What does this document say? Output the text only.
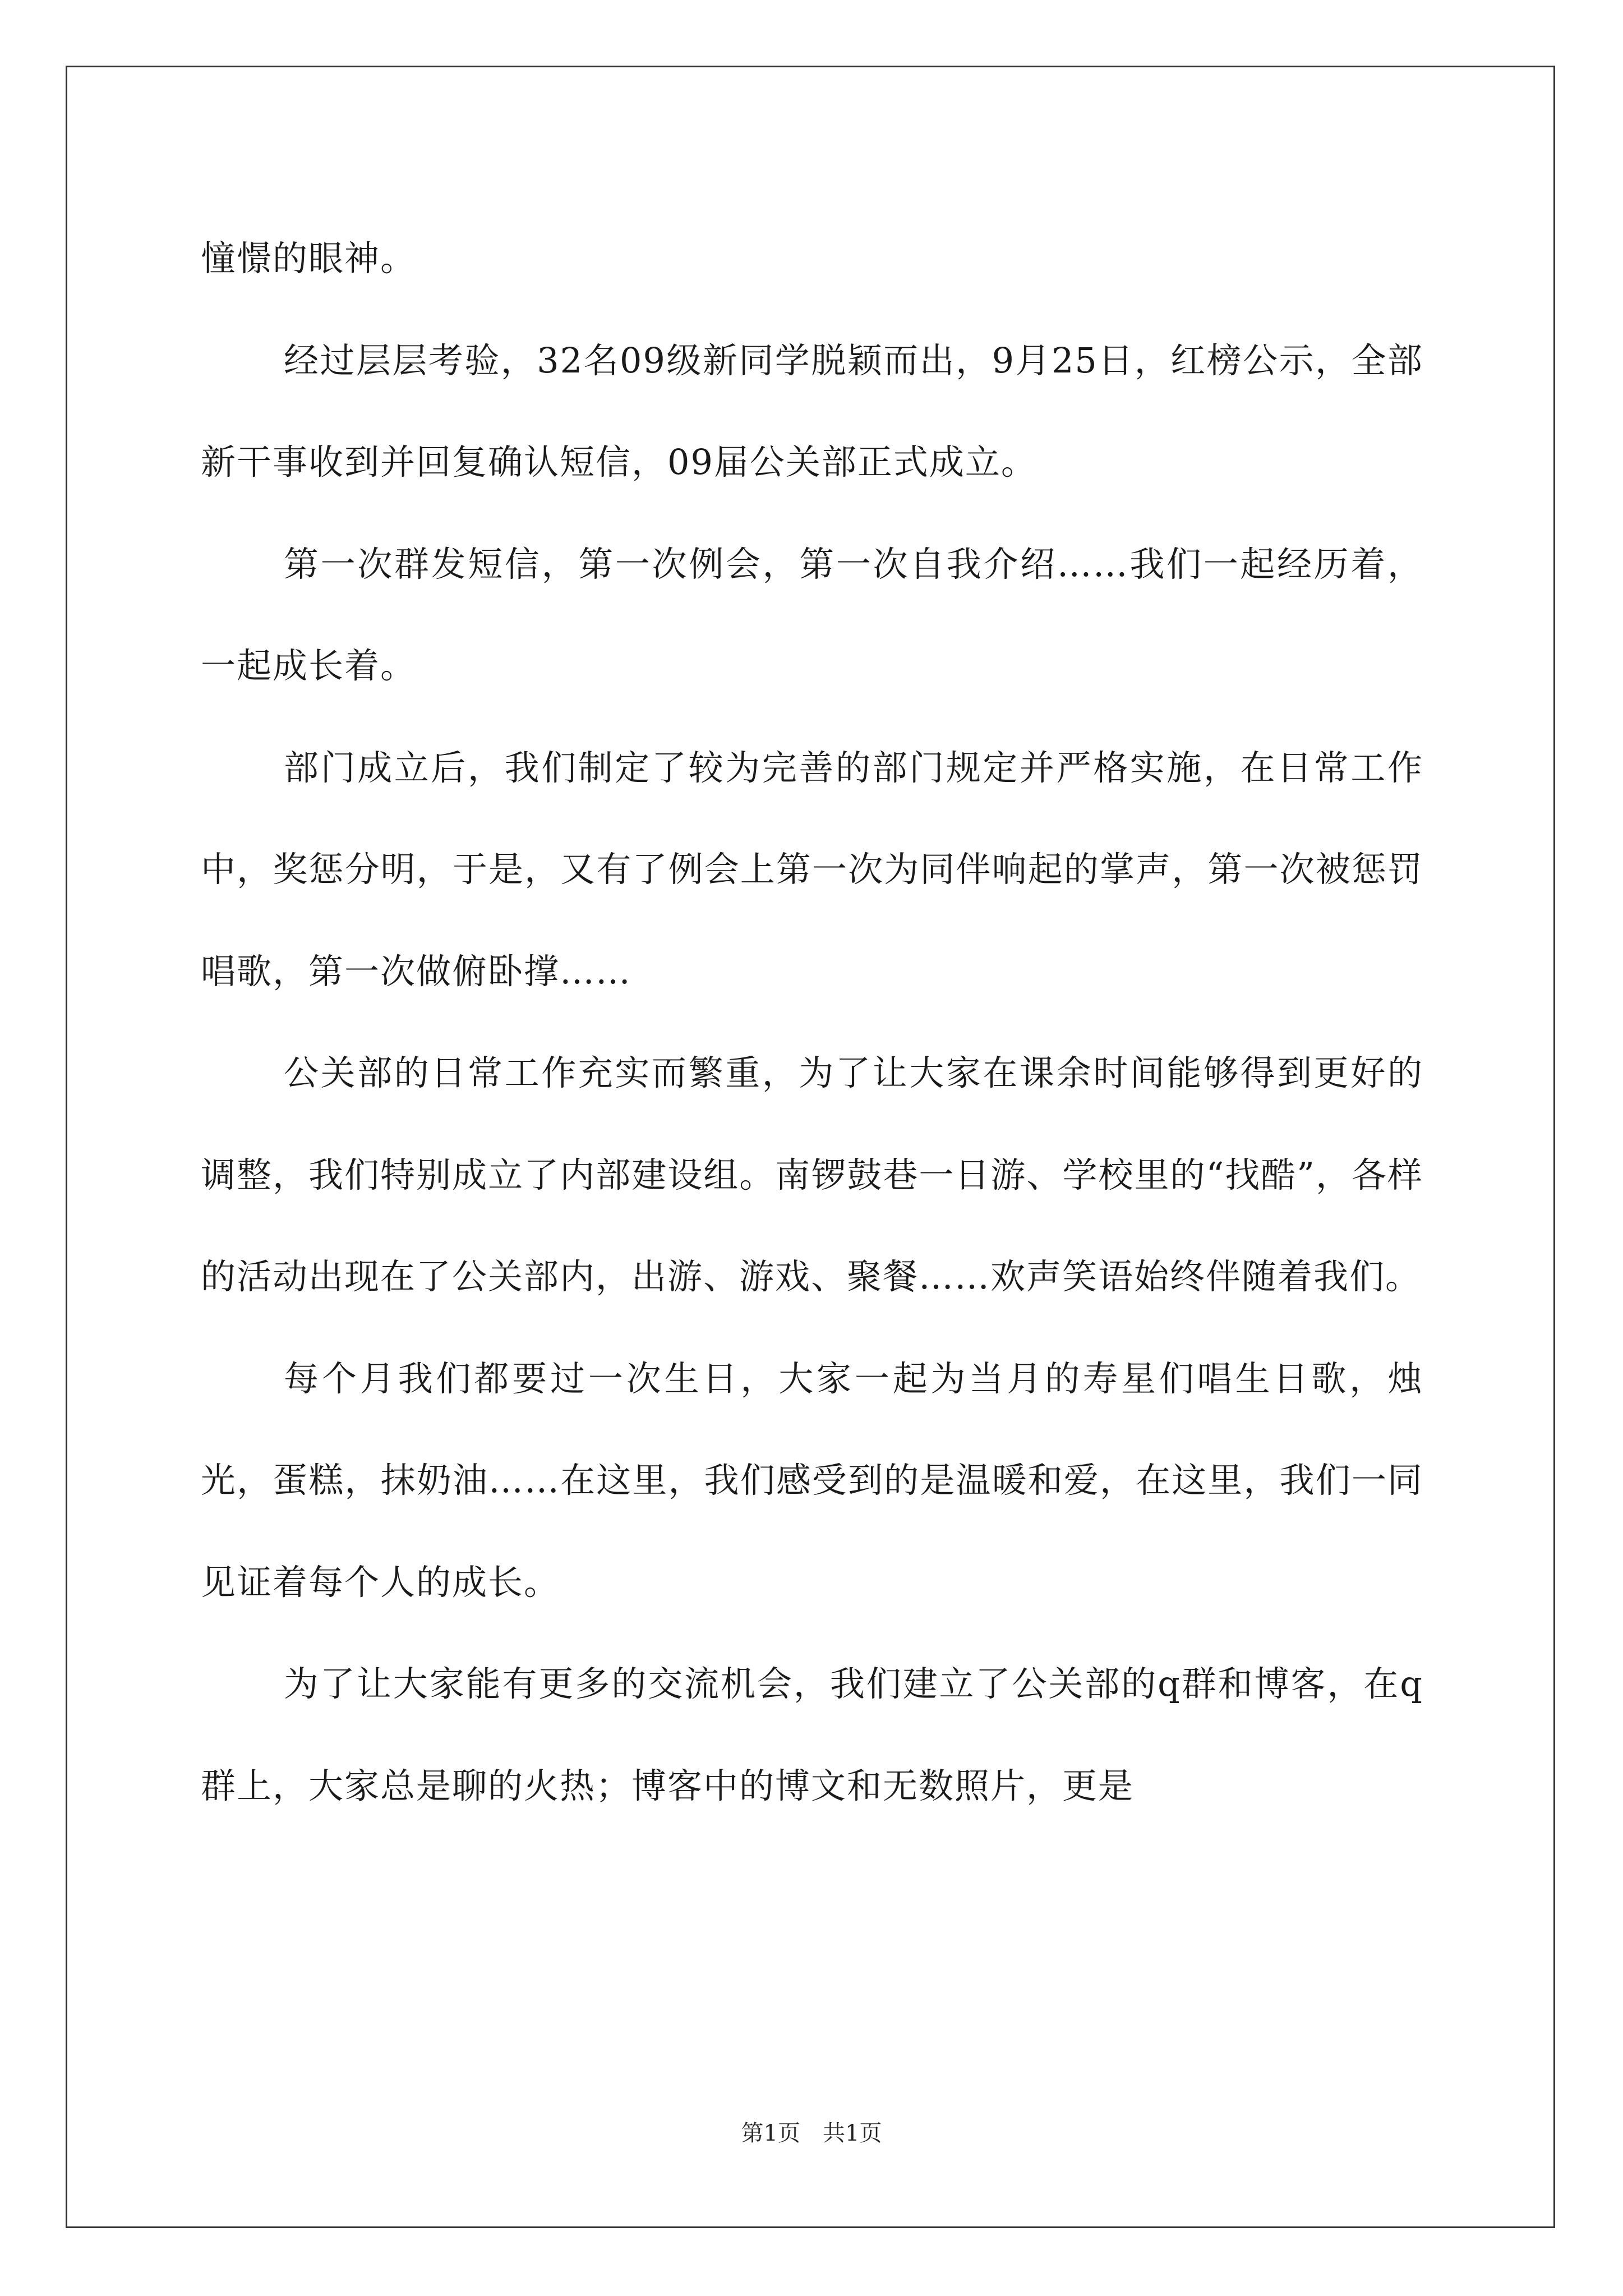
憧憬的眼神。

经过层层考验，32名09级新同学脱颖而出，9月25日，红榜公示，全部新干事收到并回复确认短信，09届公关部正式成立。

第一次群发短信，第一次例会，第一次自我介绍……我们一起经历着，一起成长着。

部门成立后，我们制定了较为完善的部门规定并严格实施，在日常工作中，奖惩分明，于是，又有了例会上第一次为同伴响起的掌声，第一次被惩罚唱歌，第一次做俯卧撑……

公关部的日常工作充实而繁重，为了让大家在课余时间能够得到更好的调整，我们特别成立了内部建设组。南锣鼓巷一日游、学校里的“找酷”，各样的活动出现在了公关部内，出游、游戏、聚餐……欢声笑语始终伴随着我们。

每个月我们都要过一次生日，大家一起为当月的寿星们唱生日歌，烛光，蛋糕，抹奶油……在这里，我们感受到的是温暖和爱，在这里，我们一同见证着每个人的成长。

为了让大家能有更多的交流机会，我们建立了公关部的q群和博客，在q群上，大家总是聊的火热；博客中的博文和无数照片，更是

第1页 共1页
